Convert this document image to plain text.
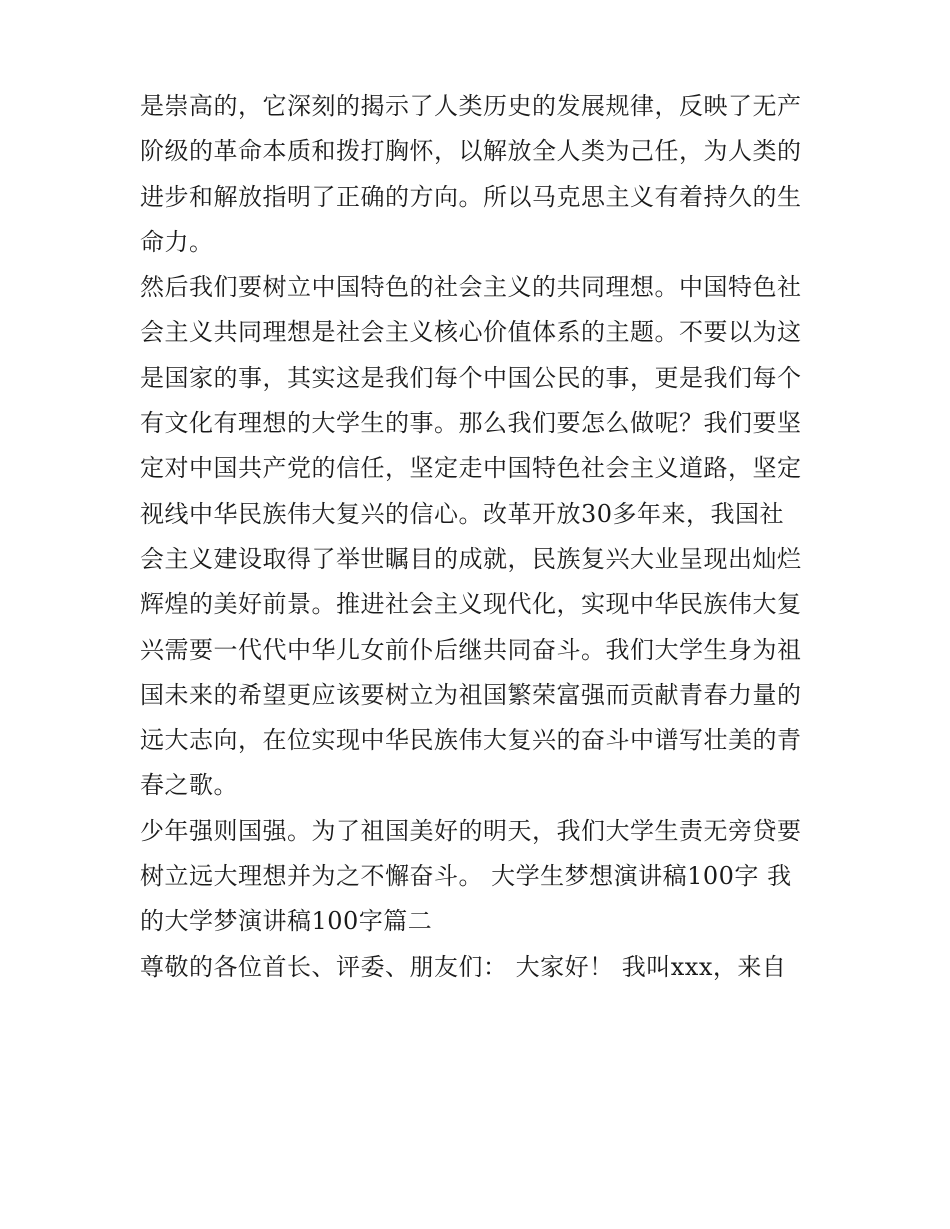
是崇高的，它深刻的揭示了人类历史的发展规律，反映了无产
阶级的革命本质和拨打胸怀，以解放全人类为己任，为人类的
进步和解放指明了正确的方向。所以马克思主义有着持久的生
命力。
然后我们要树立中国特色的社会主义的共同理想。中国特色社
会主义共同理想是社会主义核心价值体系的主题。不要以为这
是国家的事，其实这是我们每个中国公民的事，更是我们每个
有文化有理想的大学生的事。那么我们要怎么做呢？我们要坚
定对中国共产党的信任，坚定走中国特色社会主义道路，坚定
视线中华民族伟大复兴的信心。改革开放30多年来，我国社
会主义建设取得了举世瞩目的成就，民族复兴大业呈现出灿烂
辉煌的美好前景。推进社会主义现代化，实现中华民族伟大复
兴需要一代代中华儿女前仆后继共同奋斗。我们大学生身为祖
国未来的希望更应该要树立为祖国繁荣富强而贡献青春力量的
远大志向，在位实现中华民族伟大复兴的奋斗中谱写壮美的青
春之歌。
少年强则国强。为了祖国美好的明天，我们大学生责无旁贷要
树立远大理想并为之不懈奋斗。 大学生梦想演讲稿100字 我
的大学梦演讲稿100字篇二
尊敬的各位首长、评委、朋友们： 大家好！ 我叫xxx，来自
